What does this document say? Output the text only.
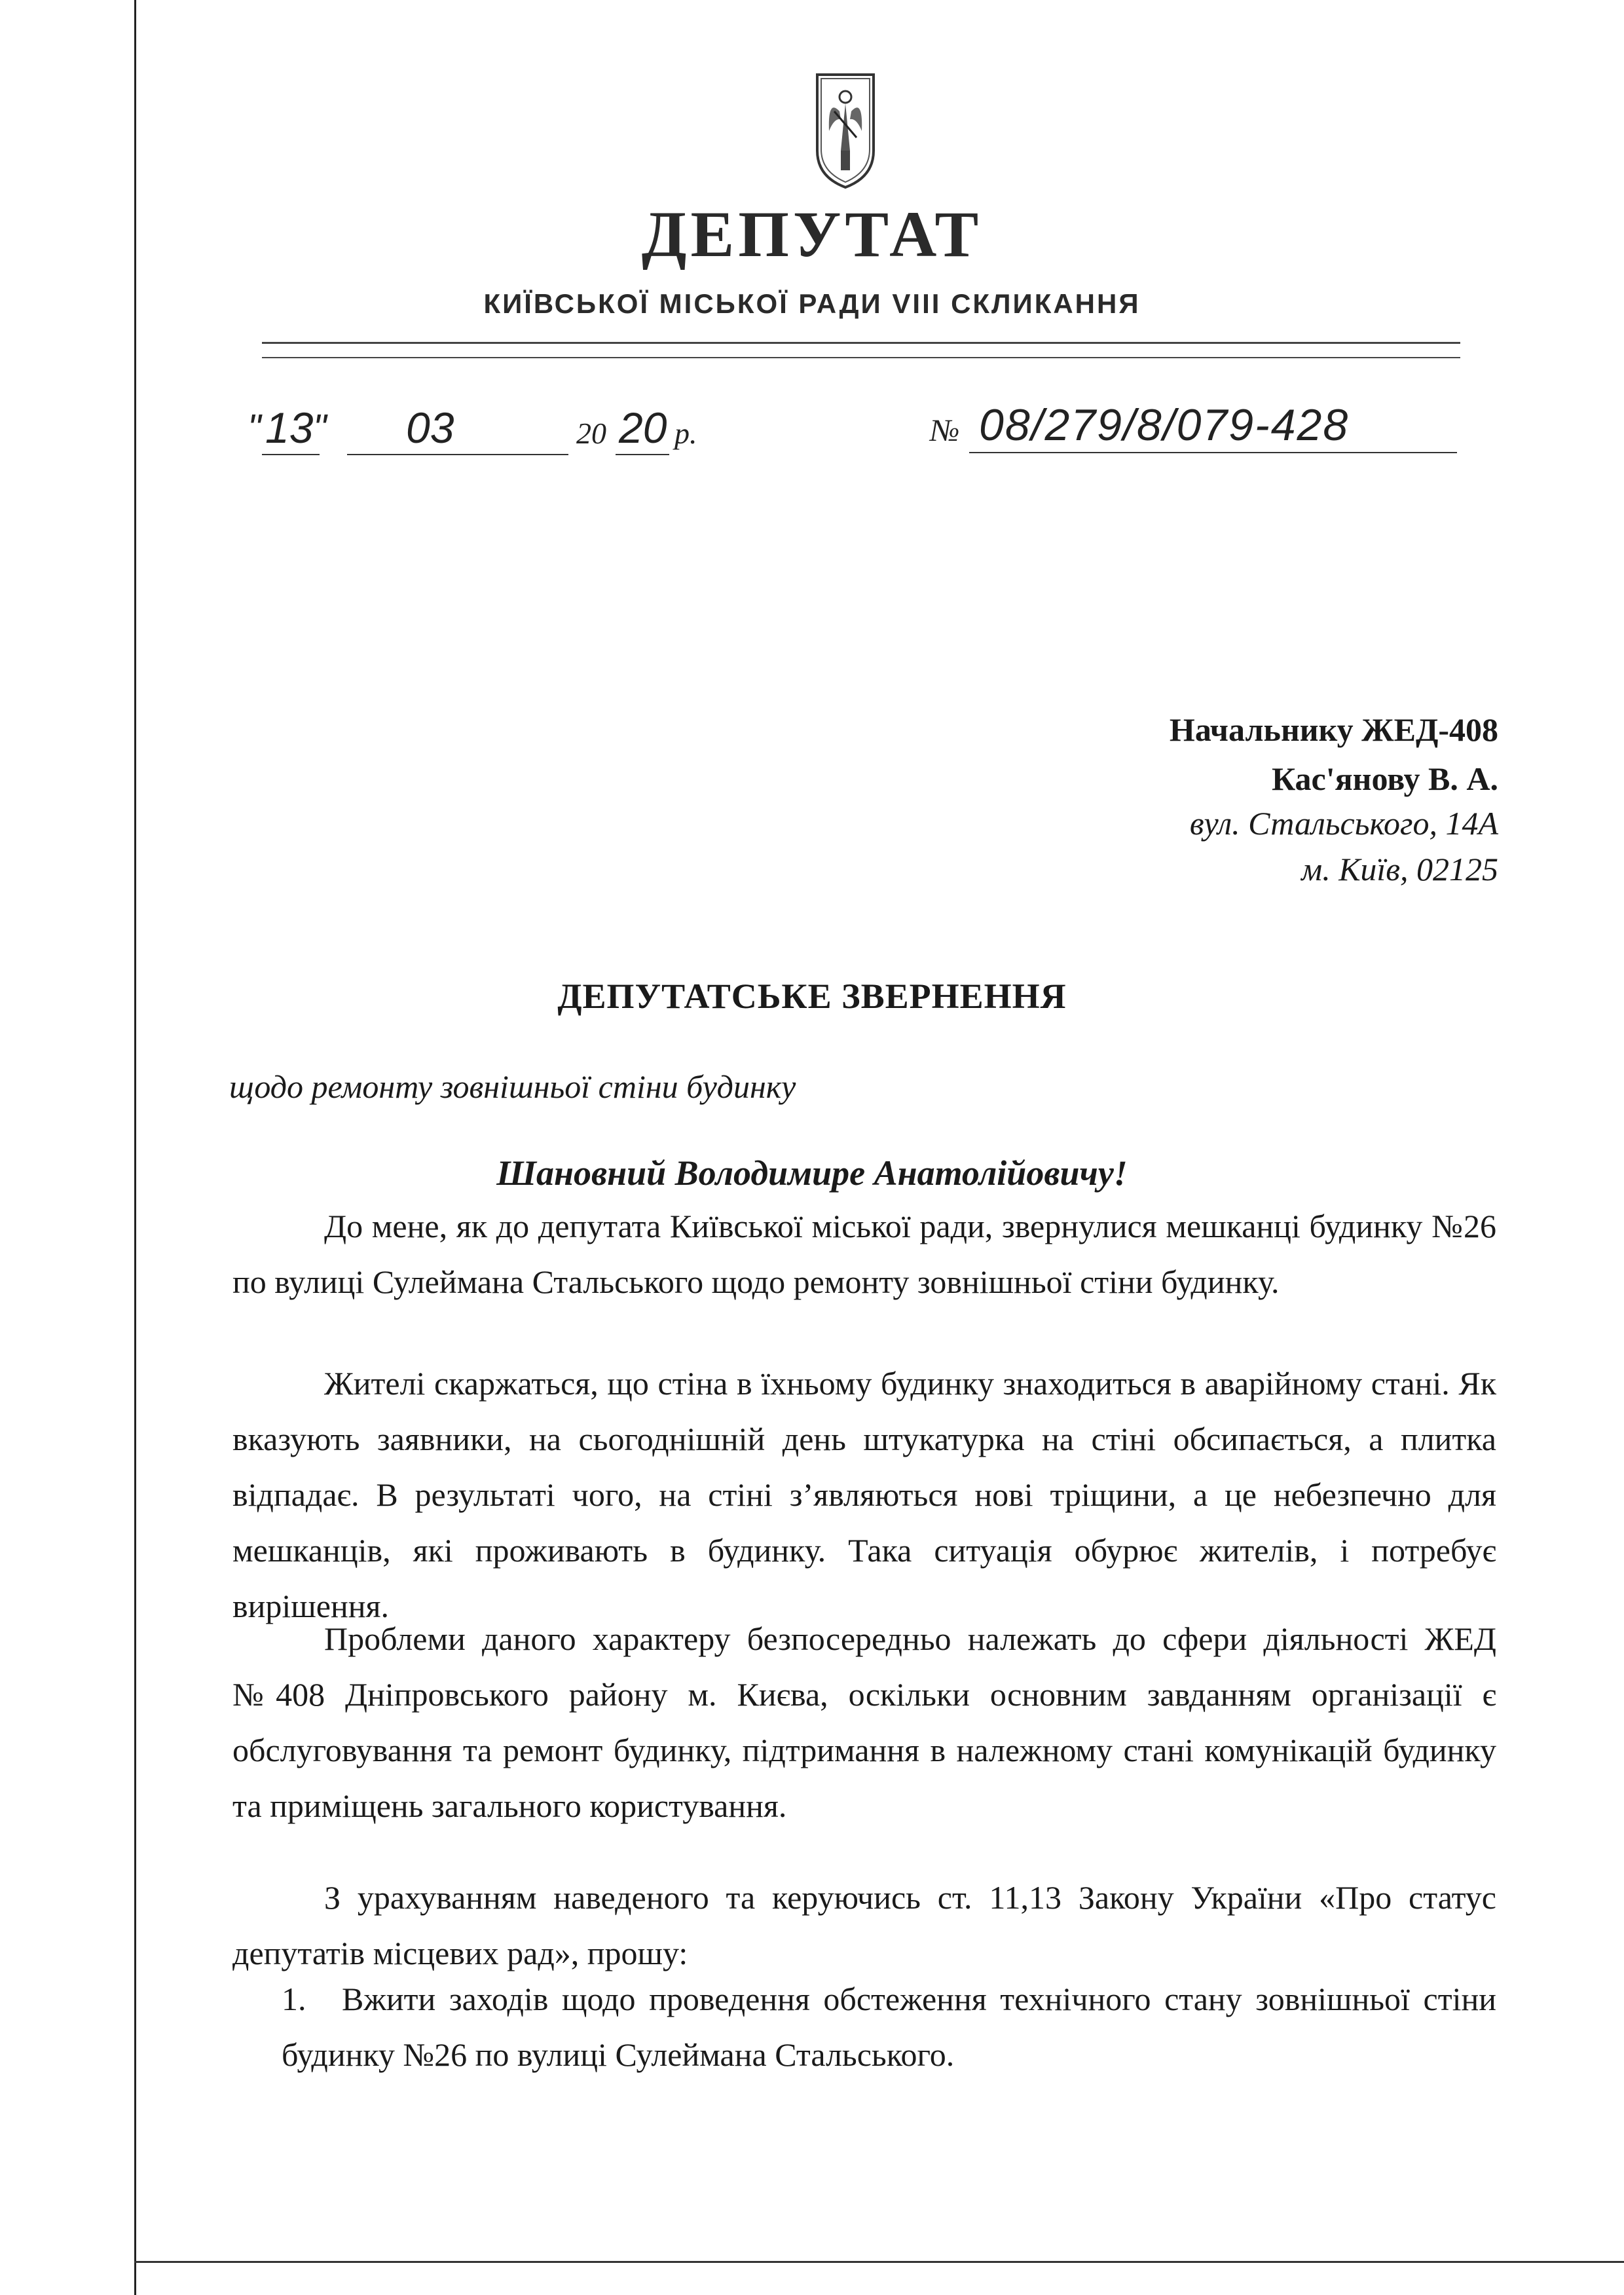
ДЕПУТАТ
КИЇВСЬКОЇ МІСЬКОЇ РАДИ VIII СКЛИКАННЯ
" 13 " 03	20 20 р.	№ 08/279/8/079-428
Начальнику ЖЕД-408
Кас'янову В. А.
вул. Стальського, 14А
м. Київ, 02125
ДЕПУТАТСЬКЕ ЗВЕРНЕННЯ
щодо ремонту зовнішньої стіни будинку
Шановний Володимире Анатолійовичу!
До мене, як до депутата Київської міської ради, звернулися мешканці будинку №26 по вулиці Сулеймана Стальського щодо ремонту зовнішньої стіни будинку.
Жителі скаржаться, що стіна в їхньому будинку знаходиться в аварійному стані. Як вказують заявники, на сьогоднішній день штукатурка на стіні обсипається, а плитка відпадає. В результаті чого, на стіні з’являються нові тріщини, а це небезпечно для мешканців, які проживають в будинку. Така ситуація обурює жителів, і потребує вирішення.
Проблеми даного характеру безпосередньо належать до сфери діяльності ЖЕД №408 Дніпровського району м. Києва, оскільки основним завданням організації є обслуговування та ремонт будинку, підтримання в належному стані комунікацій будинку та приміщень загального користування.
З урахуванням наведеного та керуючись ст. 11,13 Закону України «Про статус депутатів місцевих рад», прошу:
1.	Вжити заходів щодо проведення обстеження технічного стану зовнішньої стіни будинку №26 по вулиці Сулеймана Стальського.
